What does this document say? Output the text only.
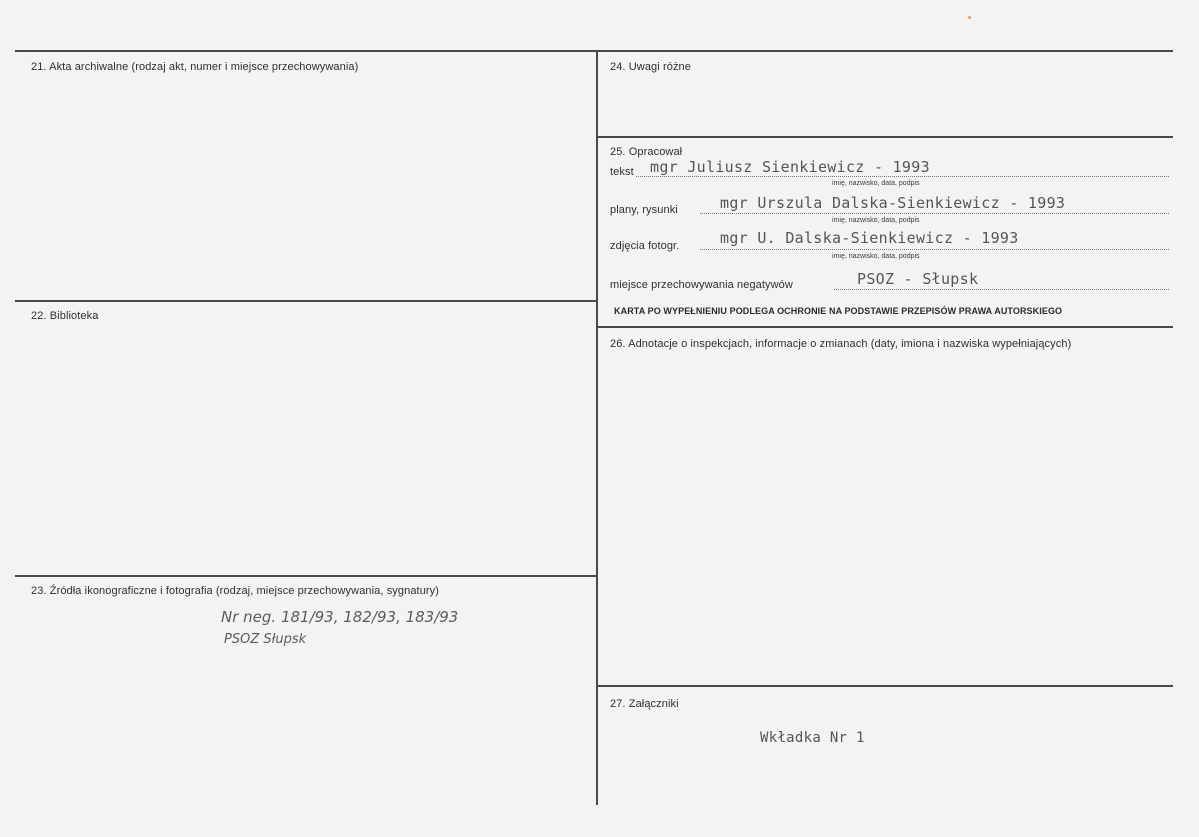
21. Akta archiwalne (rodzaj akt, numer i miejsce przechowywania)
22. Biblioteka
23. Źródła ikonograficzne i fotografia (rodzaj, miejsce przechowywania, sygnatury)
Nr neg. 181/93, 182/93, 183/93
PSOZ Słupsk
24. Uwagi różne
25. Opracował
tekst mgr Juliusz Sienkiewicz - 1993
imię, nazwisko, data, podpis
plany, rysunki	mgr Urszula Dalska-Sienkiewicz - 1993
imię, nazwisko, data, podpis
zdjęcia fotogr.	mgr U. Dalska-Sienkiewicz - 1993
imię, nazwisko, data, podpis
miejsce przechowywania negatywów	PSOZ - Słupsk
KARTA PO WYPEŁNIENIU PODLEGA OCHRONIE NA PODSTAWIE PRZEPISÓW PRAWA AUTORSKIEGO
26. Adnotacje o inspekcjach, informacje o zmianach (daty, imiona i nazwiska wypełniających)
27. Załączniki
Wkładka Nr 1
